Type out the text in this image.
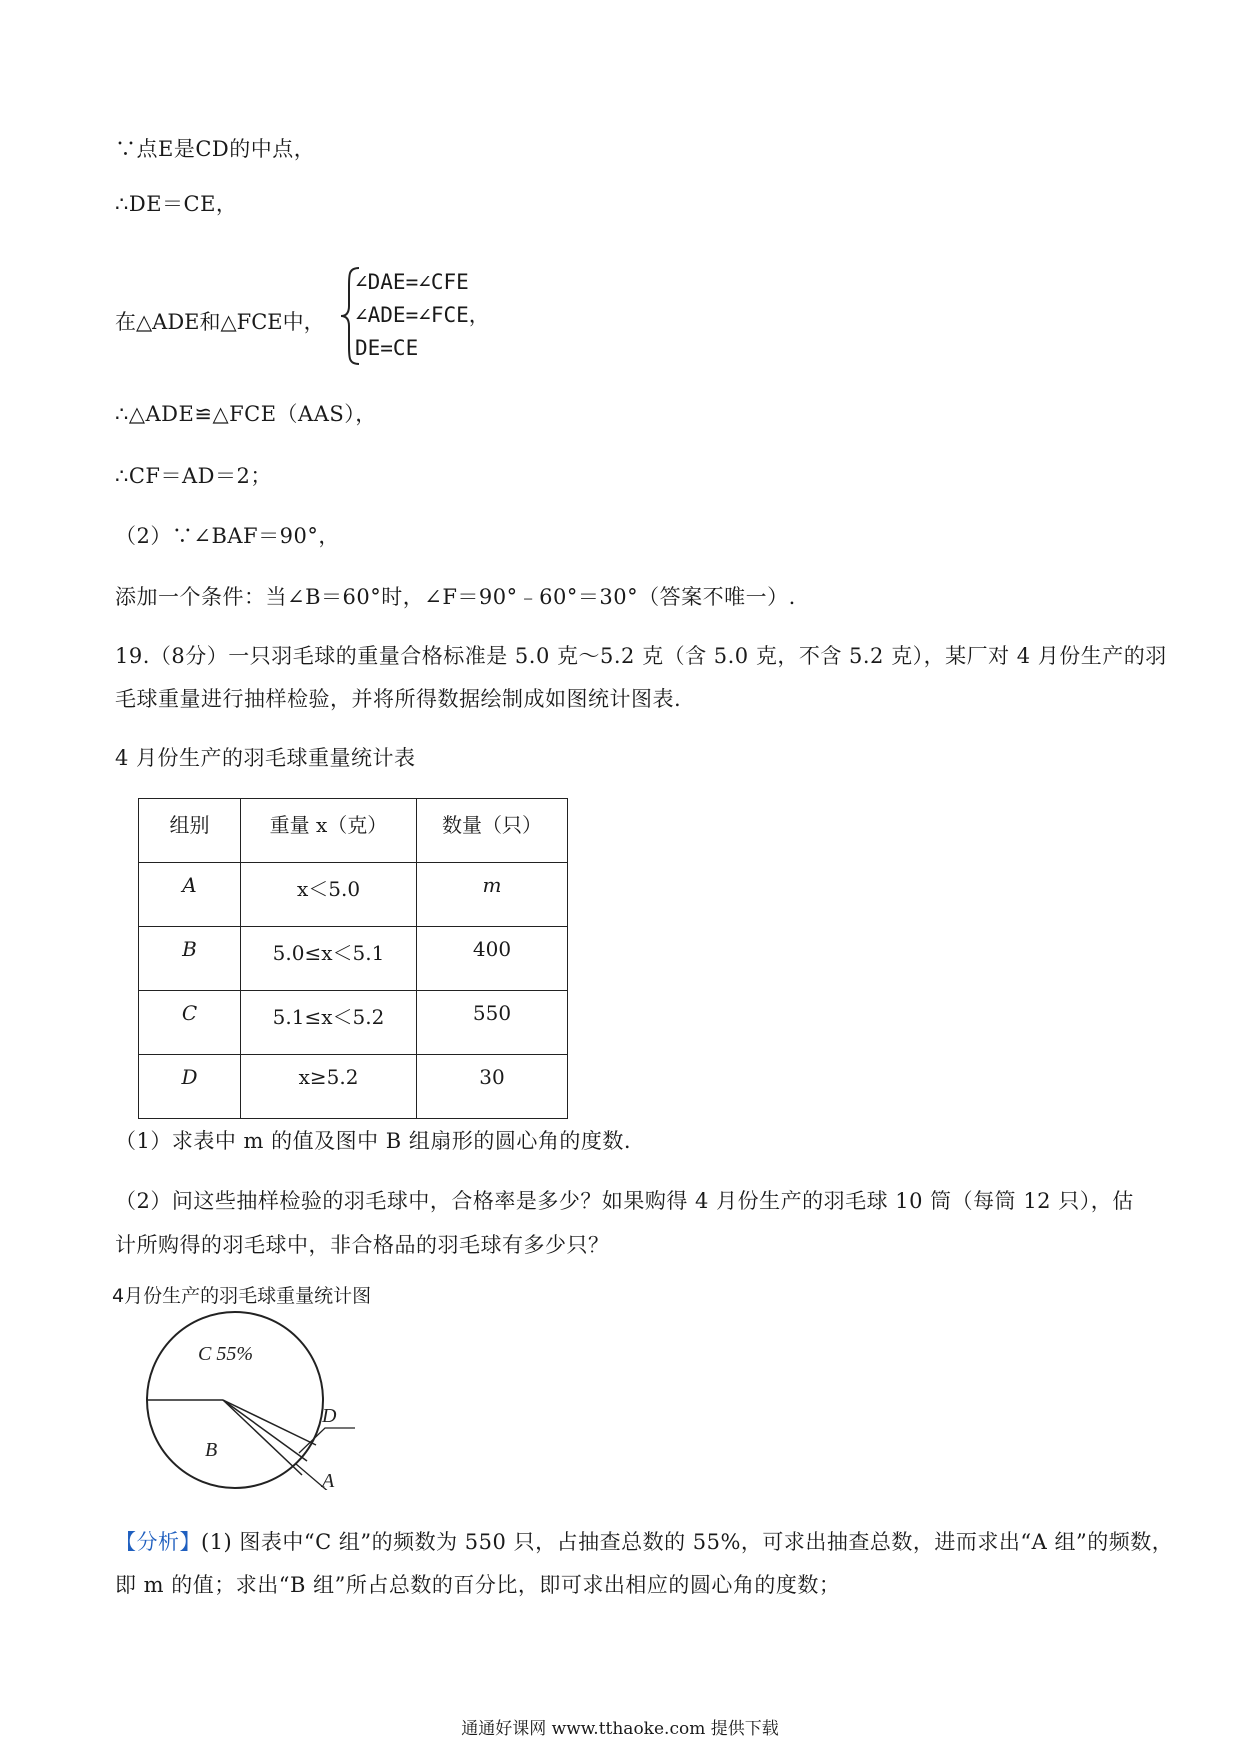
∵点E是CD的中点，
∴DE＝CE，
在△ADE和△FCE中，
∠DAE=∠CFE
∠ADE=∠FCE，
DE=CE
∴△ADE≌△FCE（AAS），
∴CF＝AD＝2；
（2）∵∠BAF＝90°，
添加一个条件：当∠B＝60°时，∠F＝90°﹣60°＝30°（答案不唯一）.
19.（8分）一只羽毛球的重量合格标准是 5.0 克～5.2 克（含 5.0 克，不含 5.2 克），某厂对 4 月份生产的羽
毛球重量进行抽样检验，并将所得数据绘制成如图统计图表.
4 月份生产的羽毛球重量统计表
组别	重量 x（克）	数量（只）
A	x＜5.0	m
B	5.0≤x＜5.1	400
C	5.1≤x＜5.2	550
D	x≥5.2	30
（1）求表中 m 的值及图中 B 组扇形的圆心角的度数.
（2）问这些抽样检验的羽毛球中，合格率是多少？如果购得 4 月份生产的羽毛球 10 筒（每筒 12 只），估
计所购得的羽毛球中，非合格品的羽毛球有多少只？
4月份生产的羽毛球重量统计图
C 55%
B
D
A
【分析】(1) 图表中“C 组”的频数为 550 只，占抽查总数的 55%，可求出抽查总数，进而求出“A 组”的频数，
即 m 的值；求出“B 组”所占总数的百分比，即可求出相应的圆心角的度数；
通通好课网 www.tthaoke.com 提供下载
